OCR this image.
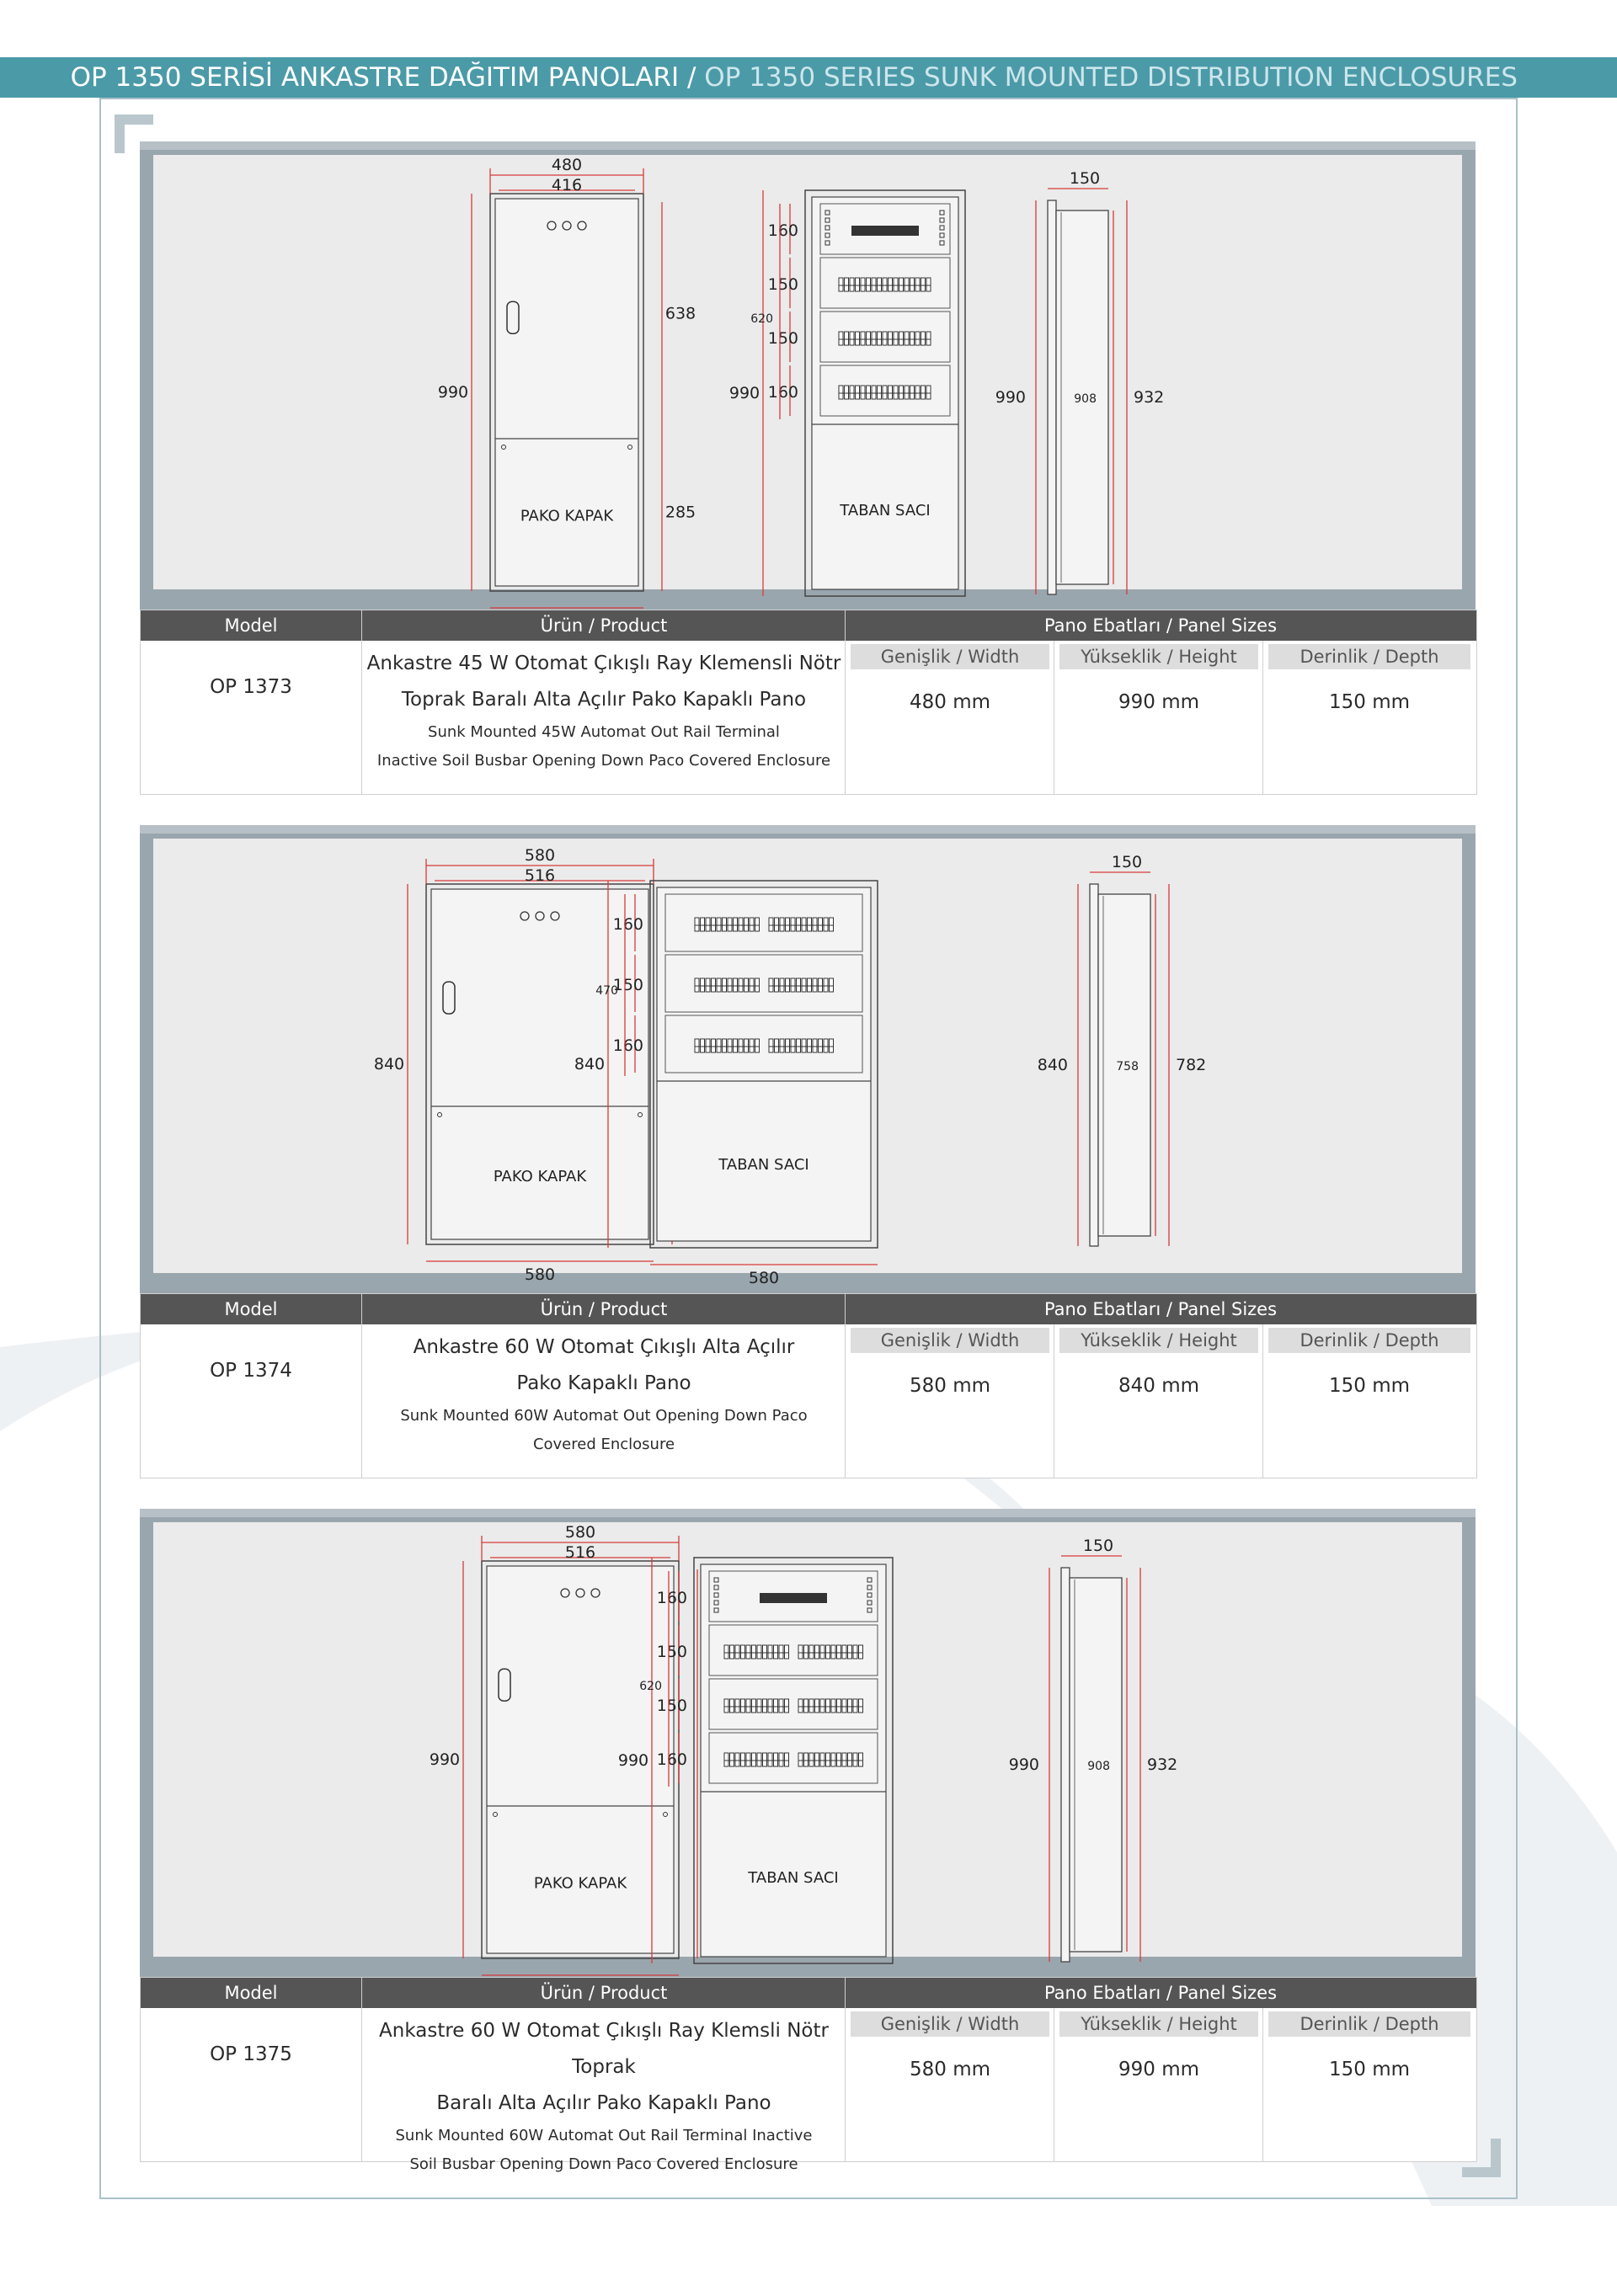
OP 1350 SERİSİ ANKASTRE DAĞITIM PANOLARI / OP 1350 SERIES SUNK MOUNTED DISTRIBUTION ENCLOSURES
PAKO KAPAK
480
416
990
638
285
160
150
150
160
TABAN SACI
990
620
150
990	908 932
Model	Ürün / Product	Pano Ebatları / Panel Sizes
OP 1373
Ankastre 45 W Otomat Çıkışlı Ray Klemensli Nötr
Toprak Baralı Alta Açılır Pako Kapaklı Pano
Sunk Mounted 45W Automat Out Rail Terminal
Inactive Soil Busbar Opening Down Paco Covered Enclosure
Genişlik / Width	Yükseklik / Height	Derinlik / Depth
480 mm	990 mm	150 mm
PAKO KAPAK
580
516
840
580
160
150
160
TABAN SACI
840
470
580
150
840	758 782
Model	Ürün / Product	Pano Ebatları / Panel Sizes
OP 1374
Ankastre 60 W Otomat Çıkışlı Alta Açılır
Pako Kapaklı Pano
Sunk Mounted 60W Automat Out Opening Down Paco
Covered Enclosure
Genişlik / Width	Yükseklik / Height	Derinlik / Depth
580 mm	840 mm	150 mm
PAKO KAPAK
580
516
990
160
150
150
160
TABAN SACI
990
620
150
990	908 932
Model	Ürün / Product	Pano Ebatları / Panel Sizes
OP 1375
Ankastre 60 W Otomat Çıkışlı Ray Klemsli Nötr Toprak
Baralı Alta Açılır Pako Kapaklı Pano
Sunk Mounted 60W Automat Out Rail Terminal Inactive
Soil Busbar Opening Down Paco Covered Enclosure
Genişlik / Width	Yükseklik / Height	Derinlik / Depth
580 mm	990 mm	150 mm
